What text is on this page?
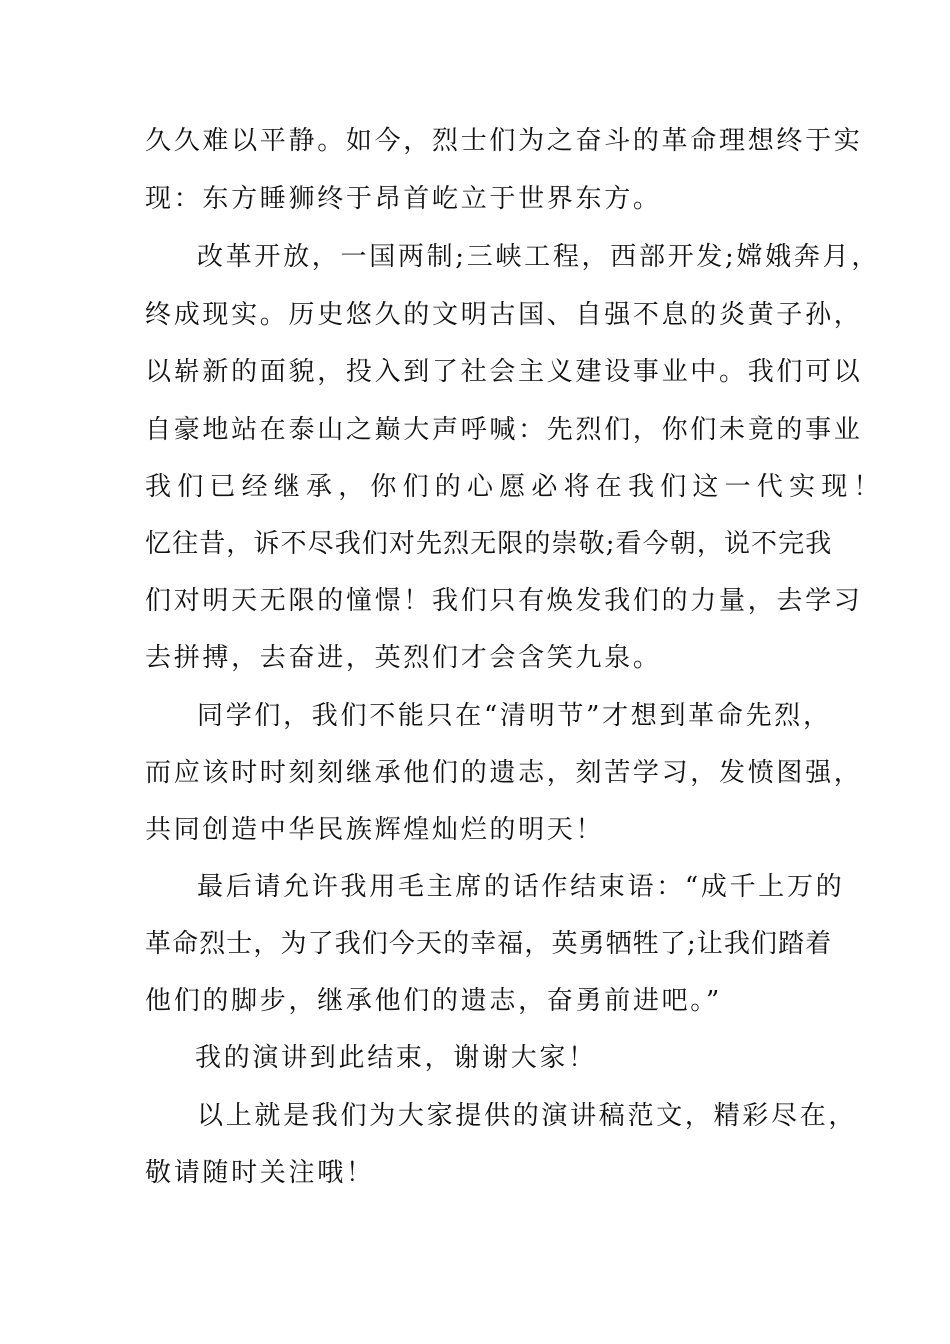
久久难以平静。如今，烈士们为之奋斗的革命理想终于实
现：东方睡狮终于昂首屹立于世界东方。
改革开放，一国两制;三峡工程，西部开发;嫦娥奔月，
终成现实。历史悠久的文明古国、自强不息的炎黄子孙，
以崭新的面貌，投入到了社会主义建设事业中。我们可以
自豪地站在泰山之巅大声呼喊：先烈们，你们未竟的事业
我们已经继承，你们的心愿必将在我们这一代实现！
忆往昔，诉不尽我们对先烈无限的崇敬;看今朝，说不完我
们对明天无限的憧憬！我们只有焕发我们的力量，去学习
去拼搏，去奋进，英烈们才会含笑九泉。
同学们，我们不能只在“清明节”才想到革命先烈，
而应该时时刻刻继承他们的遗志，刻苦学习，发愤图强，
共同创造中华民族辉煌灿烂的明天！
最后请允许我用毛主席的话作结束语：“成千上万的
革命烈士，为了我们今天的幸福，英勇牺牲了;让我们踏着
他们的脚步，继承他们的遗志，奋勇前进吧。”
我的演讲到此结束，谢谢大家！
以上就是我们为大家提供的演讲稿范文，精彩尽在，
敬请随时关注哦！
